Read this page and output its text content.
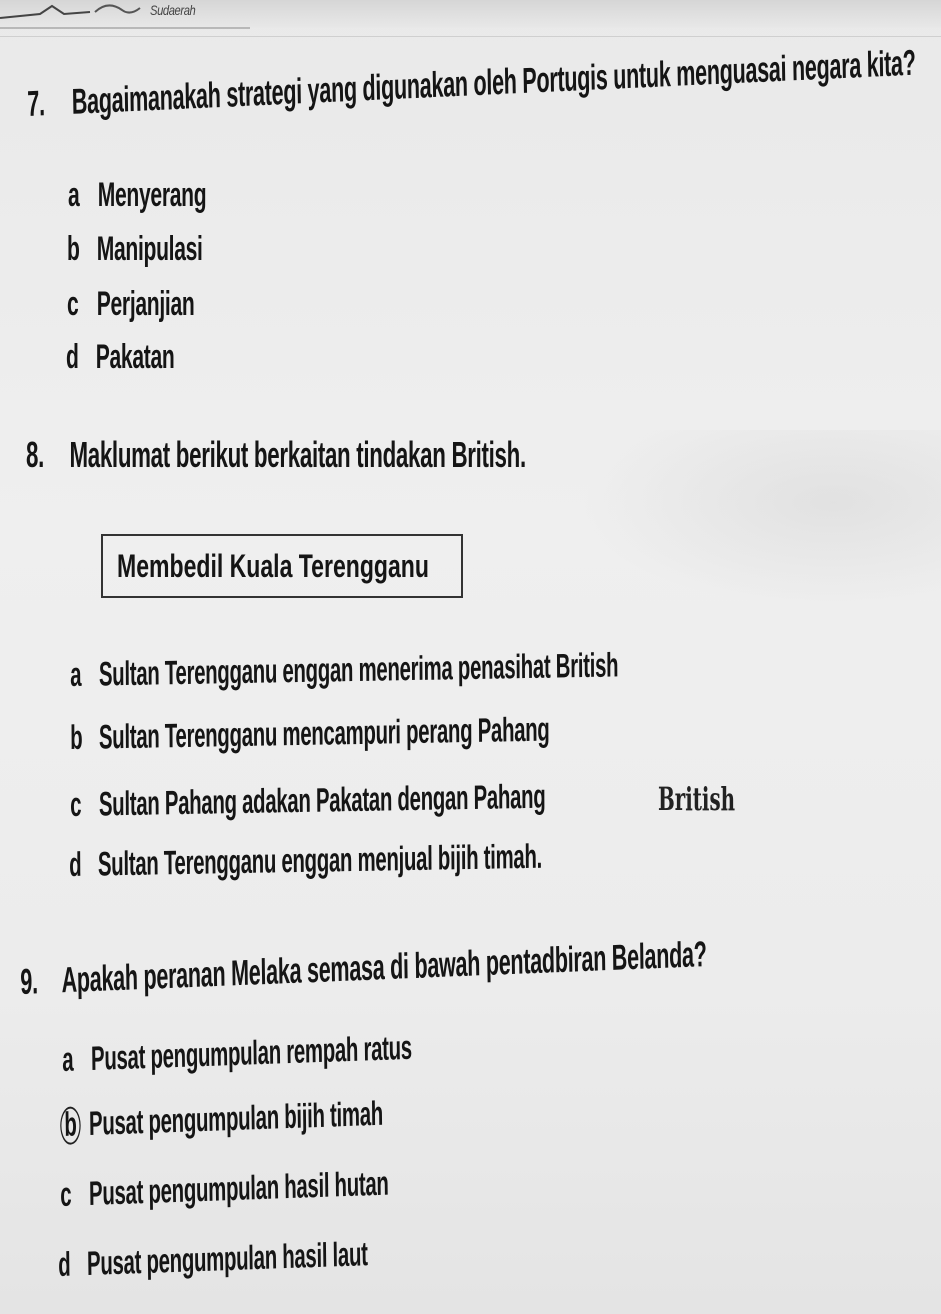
Sudaerah
7. Bagaimanakah strategi yang digunakan oleh Portugis untuk menguasai negara kita?
a Menyerang
b Manipulasi
c Perjanjian
d Pakatan
8. Maklumat berikut berkaitan tindakan British.
Membedil Kuala Terengganu
a Sultan Terengganu enggan menerima penasihat British
b Sultan Terengganu mencampuri perang Pahang
c Sultan Pahang adakan Pakatan dengan Pahang	British
d Sultan Terengganu enggan menjual bijih timah.
9. Apakah peranan Melaka semasa di bawah pentadbiran Belanda?
a Pusat pengumpulan rempah ratus
b Pusat pengumpulan bijih timah
c Pusat pengumpulan hasil hutan
d Pusat pengumpulan hasil laut
